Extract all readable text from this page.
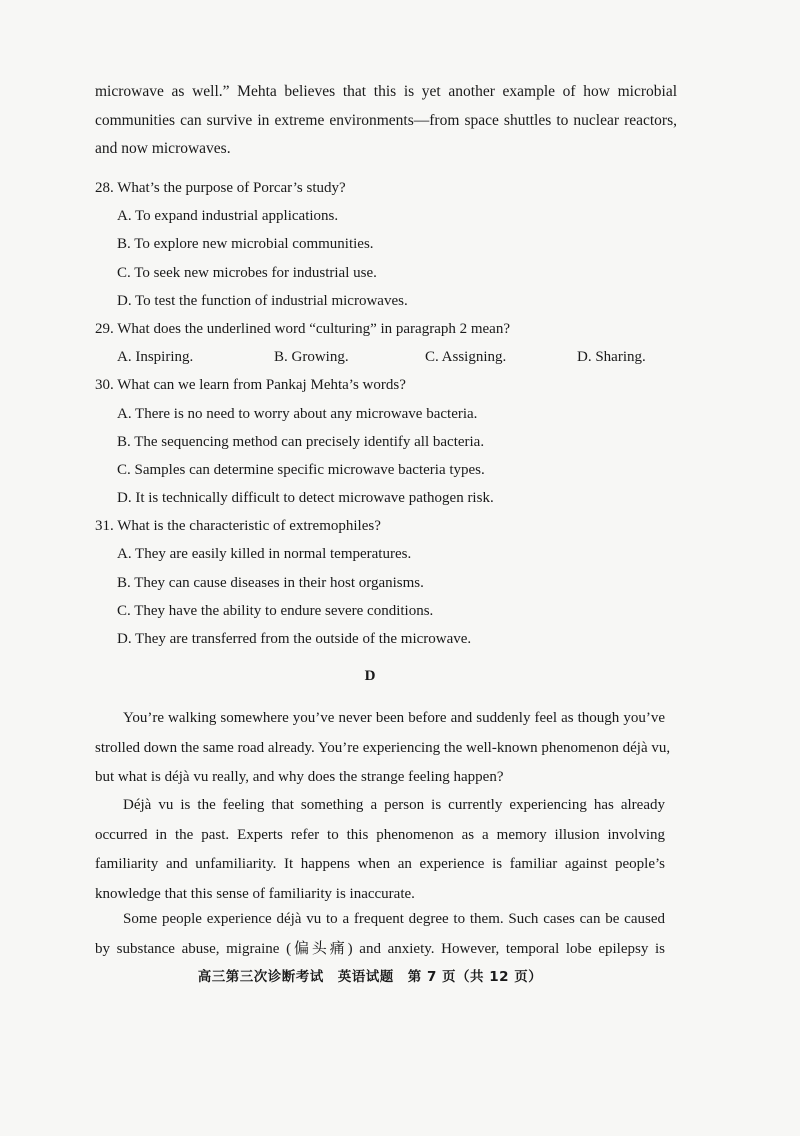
microwave as well.” Mehta believes that this is yet another example of how microbial
communities can survive in extreme environments—from space shuttles to nuclear reactors,
and now microwaves.
28. What’s the purpose of Porcar’s study?
A. To expand industrial applications.
B. To explore new microbial communities.
C. To seek new microbes for industrial use.
D. To test the function of industrial microwaves.
29. What does the underlined word “culturing” in paragraph 2 mean?
A. Inspiring.	B. Growing.	C. Assigning.	D. Sharing.
30. What can we learn from Pankaj Mehta’s words?
A. There is no need to worry about any microwave bacteria.
B. The sequencing method can precisely identify all bacteria.
C. Samples can determine specific microwave bacteria types.
D. It is technically difficult to detect microwave pathogen risk.
31. What is the characteristic of extremophiles?
A. They are easily killed in normal temperatures.
B. They can cause diseases in their host organisms.
C. They have the ability to endure severe conditions.
D. They are transferred from the outside of the microwave.
D
You’re walking somewhere you’ve never been before and suddenly feel as though you’ve
strolled down the same road already. You’re experiencing the well-known phenomenon déjà vu,
but what is déjà vu really, and why does the strange feeling happen?
Déjà vu is the feeling that something a person is currently experiencing has already
occurred in the past. Experts refer to this phenomenon as a memory illusion involving
familiarity and unfamiliarity. It happens when an experience is familiar against people’s
knowledge that this sense of familiarity is inaccurate.
Some people experience déjà vu to a frequent degree to them. Such cases can be caused
by substance abuse, migraine (偏头痛) and anxiety. However, temporal lobe epilepsy is
高三第三次诊断考试　英语试题　第 7 页（共 12 页）
